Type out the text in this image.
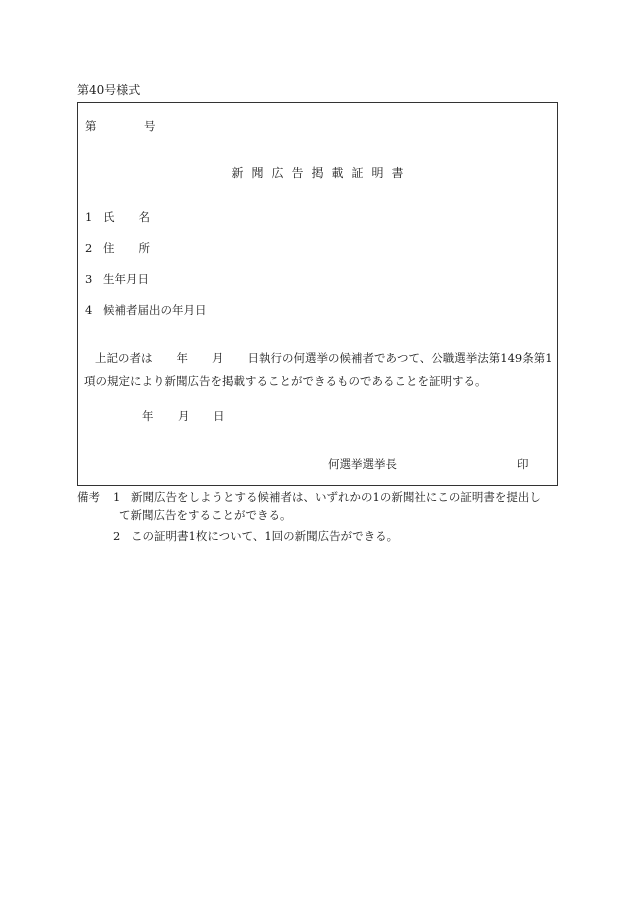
第40号様式
第	号
新聞広告掲載証明書
1 氏 名
2 住 所
3 生年月日
4 候補者届出の年月日
上記の者は 年 月 日執行の何選挙の候補者であつて、公職選挙法第149条第1
項の規定により新聞広告を掲載することができるものであることを証明する。
年 月 日
何選挙選挙長	印
備考 1 新聞広告をしようとする候補者は、いずれかの1の新聞社にこの証明書を提出し
て新聞広告をすることができる。
2 この証明書1枚について、1回の新聞広告ができる。
